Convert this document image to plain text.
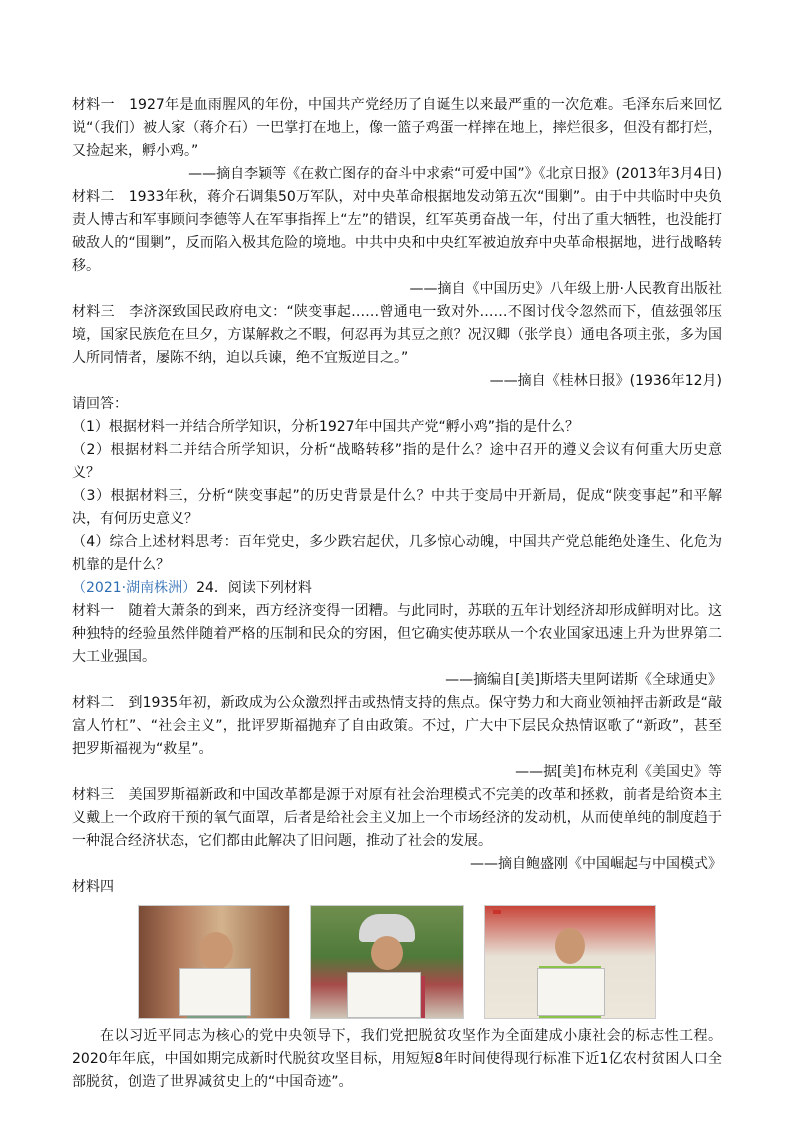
材料一　1927年是血雨腥风的年份，中国共产党经历了自诞生以来最严重的一次危难。毛泽东后来回忆说“（我们）被人家（蒋介石）一巴掌打在地上，像一篮子鸡蛋一样摔在地上，摔烂很多，但没有都打烂，又捡起来，孵小鸡。”

——摘自李颖等《在救亡图存的奋斗中求索“可爱中国”》《北京日报》(2013年3月4日)

材料二　1933年秋，蒋介石调集50万军队，对中央革命根据地发动第五次“围剿”。由于中共临时中央负责人博古和军事顾问李德等人在军事指挥上“左”的错误，红军英勇奋战一年，付出了重大牺牲，也没能打破敌人的“围剿”，反而陷入极其危险的境地。中共中央和中央红军被迫放弃中央革命根据地，进行战略转移。

——摘自《中国历史》八年级上册·人民教育出版社

材料三　李济深致国民政府电文：“陕变事起……曾通电一致对外……不图讨伐令忽然而下，值兹强邻压境，国家民族危在旦夕，方谋解救之不暇，何忍再为其豆之煎？况汉卿（张学良）通电各项主张，多为国人所同情者，屡陈不纳，迫以兵谏，绝不宜叛逆目之。”

——摘自《桂林日报》(1936年12月)

请回答：

（1）根据材料一并结合所学知识，分析1927年中国共产党“孵小鸡”指的是什么？

（2）根据材料二并结合所学知识，分析“战略转移”指的是什么？途中召开的遵义会议有何重大历史意义？

（3）根据材料三，分析“陕变事起”的历史背景是什么？中共于变局中开新局，促成“陕变事起”和平解决，有何历史意义？

（4）综合上述材料思考：百年党史，多少跌宕起伏，几多惊心动魄，中国共产党总能绝处逢生、化危为机靠的是什么？

（2021·湖南株洲）24．阅读下列材料

材料一　随着大萧条的到来，西方经济变得一团糟。与此同时，苏联的五年计划经济却形成鲜明对比。这种独特的经验虽然伴随着严格的压制和民众的穷困，但它确实使苏联从一个农业国家迅速上升为世界第二大工业强国。

——摘编自[美]斯塔夫里阿诺斯《全球通史》

材料二　到1935年初，新政成为公众激烈抨击或热情支持的焦点。保守势力和大商业领袖抨击新政是“敲富人竹杠”、“社会主义”，批评罗斯福抛弃了自由政策。不过，广大中下层民众热情讴歌了“新政”，甚至把罗斯福视为“救星”。

——据[美]布林克利《美国史》等

材料三　美国罗斯福新政和中国改革都是源于对原有社会治理模式不完美的改革和拯救，前者是给资本主义戴上一个政府干预的氧气面罩，后者是给社会主义加上一个市场经济的发动机，从而使单纯的制度趋于一种混合经济状态，它们都由此解决了旧问题，推动了社会的发展。

——摘自鲍盛刚《中国崛起与中国模式》

材料四

在以习近平同志为核心的党中央领导下，我们党把脱贫攻坚作为全面建成小康社会的标志性工程。2020年年底，中国如期完成新时代脱贫攻坚目标，用短短8年时间使得现行标准下近1亿农村贫困人口全部脱贫，创造了世界减贫史上的“中国奇迹”。
